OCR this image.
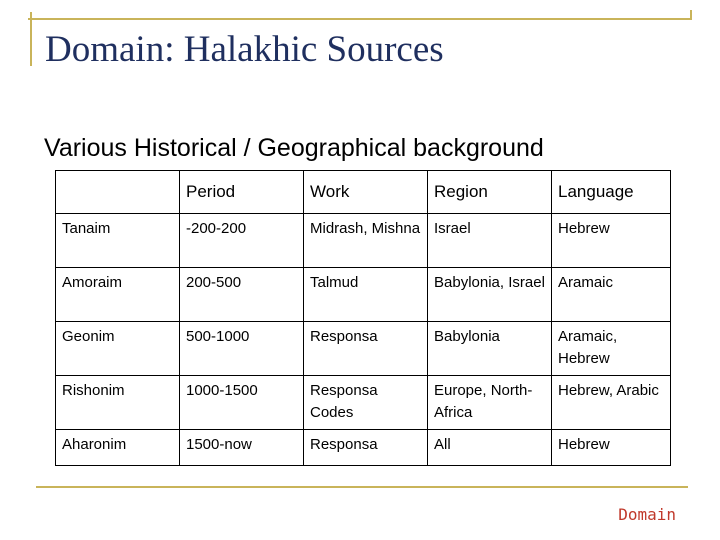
Domain: Halakhic Sources
Various Historical / Geographical background
	Period	Work	Region	Language
Tanaim	-200-200	Midrash, Mishna	Israel	Hebrew
Amoraim	200-500	Talmud	Babylonia, Israel	Aramaic
Geonim	500-1000	Responsa	Babylonia	Aramaic, Hebrew
Rishonim	1000-1500	Responsa Codes	Europe, North-Africa	Hebrew, Arabic
Aharonim	1500-now	Responsa	All	Hebrew
Domain
